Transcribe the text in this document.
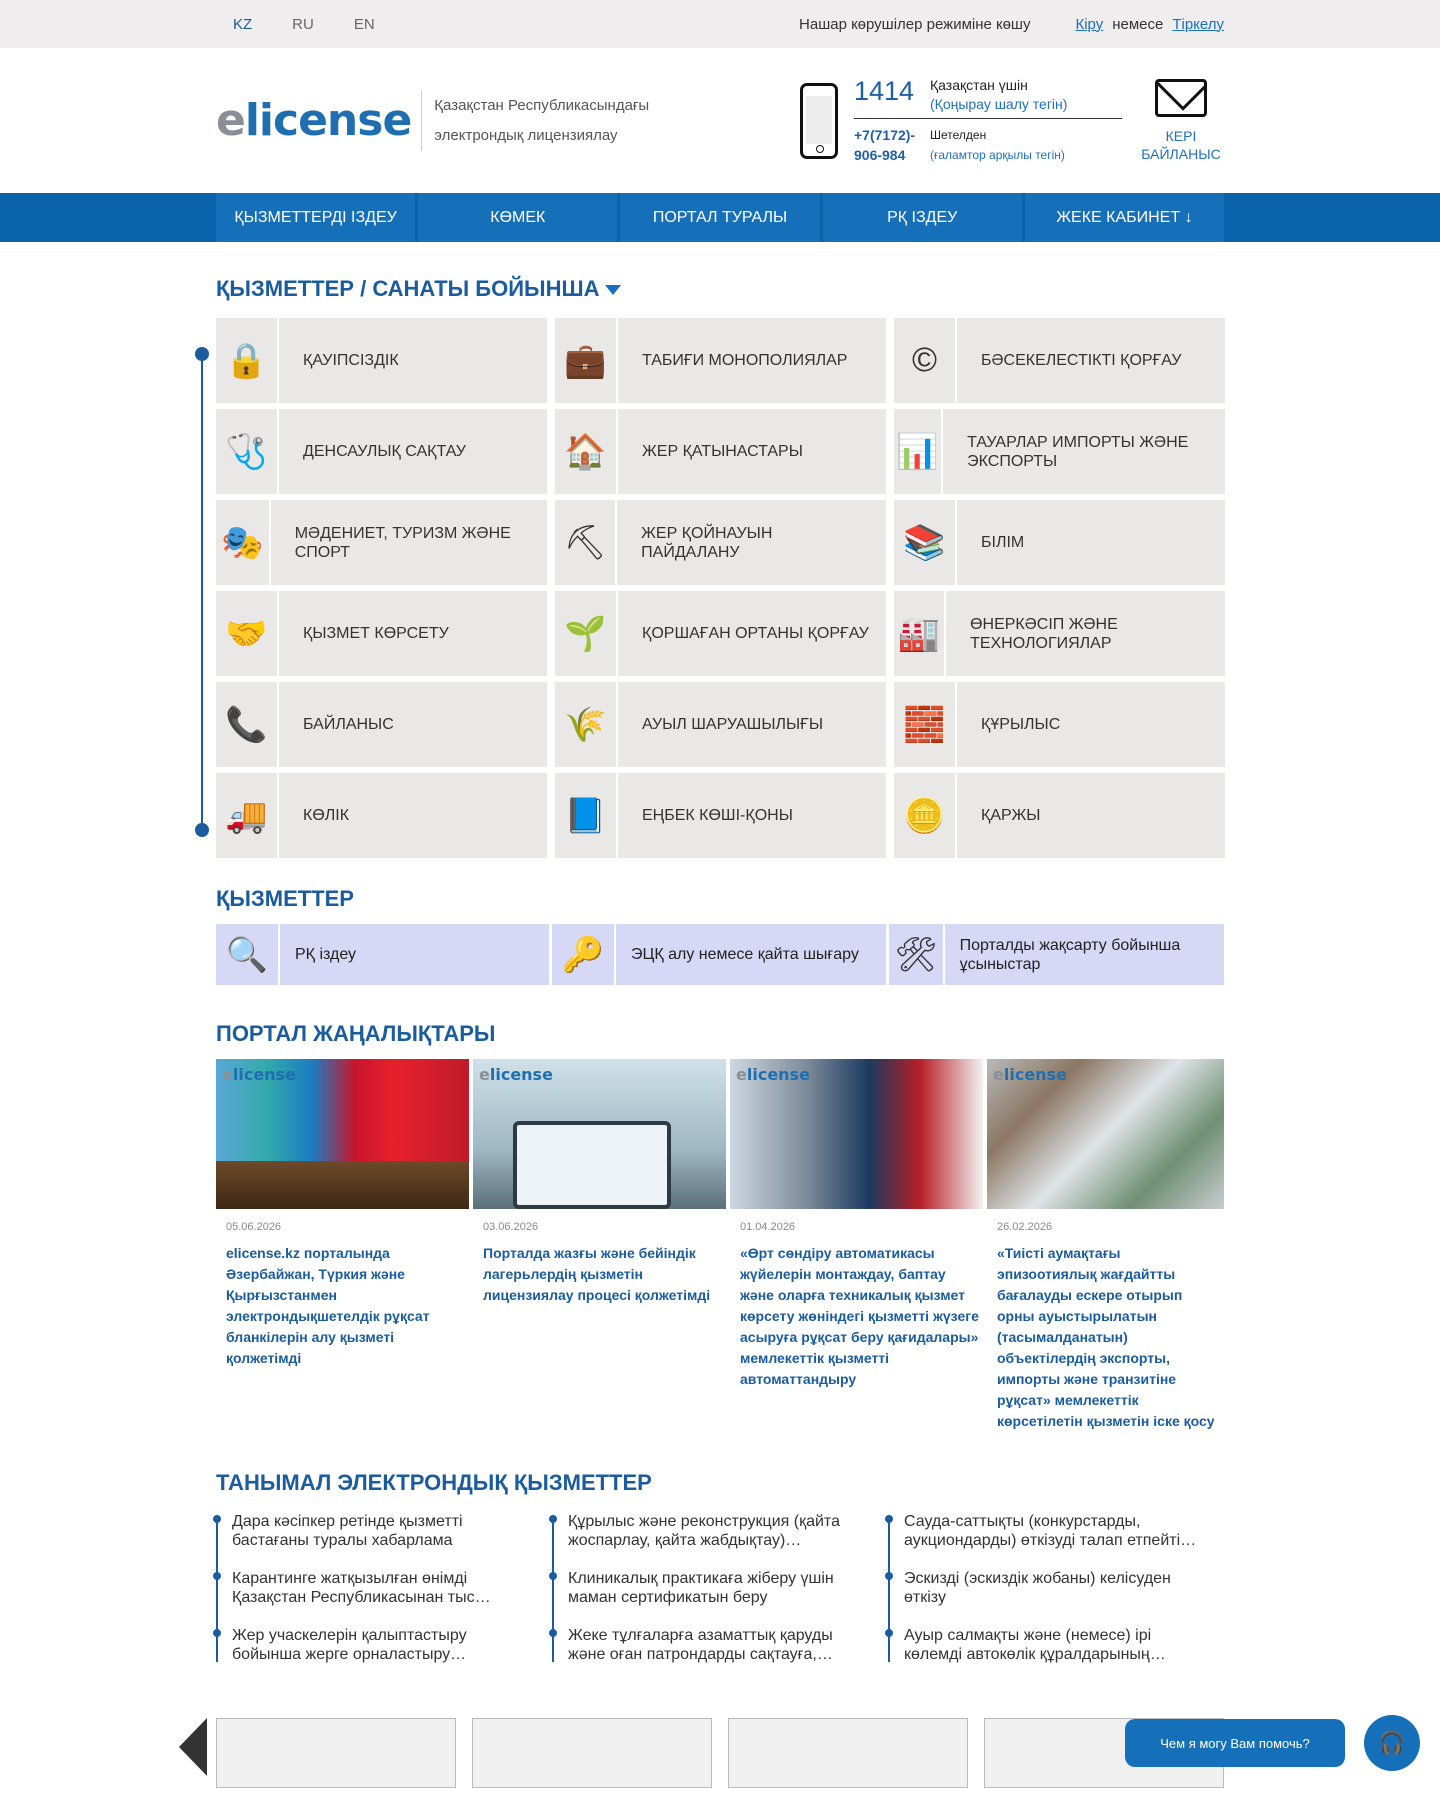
KZ	RU	EN	Нашар көрушілер режиміне көшу	Кіру немесе Тіркелу
elicense Қазақстан Республикасындағы
электрондық лицензиялау
1414	Қазақстан үшін
(Қоңырау шалу тегін)
+7(7172)-
906-984
Шетелден
(ғаламтор арқылы тегін)
КЕРІ
БАЙЛАНЫС
ҚЫЗМЕТТЕРДІ ІЗДЕУ	КӨМЕК	ПОРТАЛ ТУРАЛЫ	РҚ ІЗДЕУ	ЖЕКЕ КАБИНЕТ ↓
ҚЫЗМЕТТЕР / САНАТЫ БОЙЫНША
🔒	ҚАУІПСІЗДІК	💼	ТАБИҒИ МОНОПОЛИЯЛАР	©	БӘСЕКЕЛЕСТІКТІ ҚОРҒАУ
🩺	ДЕНСАУЛЫҚ САҚТАУ	🏠	ЖЕР ҚАТЫНАСТАРЫ	📊	ТАУАРЛАР ИМПОРТЫ ЖӘНЕ ЭКСПОРТЫ
🎭	МӘДЕНИЕТ, ТУРИЗМ ЖӘНЕ СПОРТ	⛏	ЖЕР ҚОЙНАУЫН ПАЙДАЛАНУ	📚	БІЛІМ
🤝	ҚЫЗМЕТ КӨРСЕТУ	🌱	ҚОРШАҒАН ОРТАНЫ ҚОРҒАУ 🏭	ӨНЕРКӘСІП ЖӘНЕ ТЕХНОЛОГИЯЛАР
📞	БАЙЛАНЫС	🌾	АУЫЛ ШАРУАШЫЛЫҒЫ	🧱	ҚҰРЫЛЫС
🚚	КӨЛІК	📘	ЕҢБЕК КӨШІ-ҚОНЫ	🪙	ҚАРЖЫ
ҚЫЗМЕТТЕР
🔍	РҚ іздеу	🔑	ЭЦҚ алу немесе қайта шығару 🛠	Порталды жақсарту бойынша ұсыныстар
ПОРТАЛ ЖАҢАЛЫҚТАРЫ
elicense
05.06.2026
elicense.kz порталында Әзербайжан, Түркия және Қырғызстанмен электрондықшетелдік рұқсат бланкілерін алу қызметі қолжетімді
elicense
03.06.2026
Порталда жазғы және бейіндік лагерьлердің қызметін лицензиялау процесі қолжетімді
elicense
01.04.2026
«Өрт сөндіру автоматикасы жүйелерін монтаждау, баптау және оларға техникалық қызмет көрсету жөніндегі қызметті жүзеге асыруға рұқсат беру қағидалары» мемлекеттік қызметті автоматтандыру
elicense
26.02.2026
«Тиісті аумақтағы эпизоотиялық жағдайтты бағалауды ескере отырып орны ауыстырылатын (тасымалданатын) объектілердің экспорты, импорты және транзитіне рұқсат» мемлекеттік көрсетілетін қызметін іске қосу
ТАНЫМАЛ ЭЛЕКТРОНДЫҚ ҚЫЗМЕТТЕР
Дара кәсіпкер ретінде қызметті бастағаны туралы хабарлама
Карантинге жатқызылған өнімді Қазақстан Республикасынан тыс…
Жер учаскелерін қалыптастыру бойынша жерге орналастыру…
Құрылыс және реконструкция (қайта жоспарлау, қайта жабдықтау)…
Клиникалық практикаға жіберу үшін маман сертификатын беру
Жеке тұлғаларға азаматтық қаруды және оған патрондарды сақтауға,…
Сауда-саттықты (конкурстарды, аукциондарды) өткізуді талап етпейті…
Эскизді (эскиздік жобаны) келісуден өткізу
Ауыр салмақты және (немесе) ірі көлемді автокөлік құралдарының…
Чем я могу Вам помочь?	🎧
